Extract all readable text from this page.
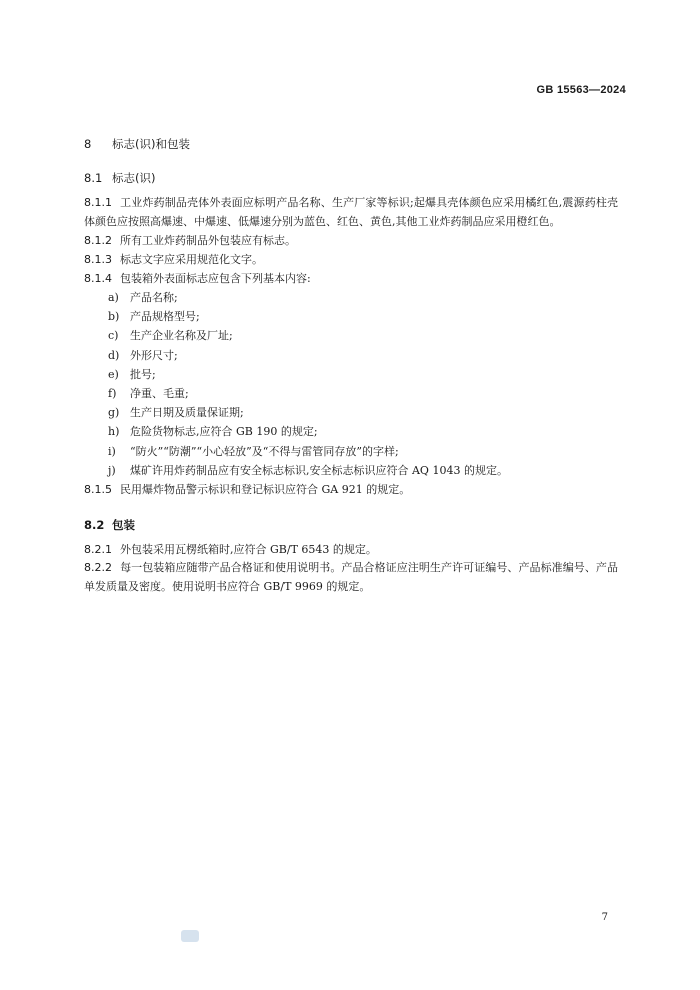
GB 15563—2024
8 标志(识)和包装
8.1 标志(识)
8.1.1 工业炸药制品壳体外表面应标明产品名称、生产厂家等标识;起爆具壳体颜色应采用橘红色,震源药柱壳体颜色应按照高爆速、中爆速、低爆速分别为蓝色、红色、黄色,其他工业炸药制品应采用橙红色。
8.1.2 所有工业炸药制品外包装应有标志。
8.1.3 标志文字应采用规范化文字。
8.1.4 包装箱外表面标志应包含下列基本内容:
a) 产品名称;
b) 产品规格型号;
c) 生产企业名称及厂址;
d) 外形尺寸;
e) 批号;
f) 净重、毛重;
g) 生产日期及质量保证期;
h) 危险货物标志,应符合 GB 190 的规定;
i) “防火”“防潮”“小心轻放”及“不得与雷管同存放”的字样;
j) 煤矿许用炸药制品应有安全标志标识,安全标志标识应符合 AQ 1043 的规定。
8.1.5 民用爆炸物品警示标识和登记标识应符合 GA 921 的规定。
8.2 包装
8.2.1 外包装采用瓦楞纸箱时,应符合 GB/T 6543 的规定。
8.2.2 每一包装箱应随带产品合格证和使用说明书。产品合格证应注明生产许可证编号、产品标准编号、产品单发质量及密度。使用说明书应符合 GB/T 9969 的规定。
7
